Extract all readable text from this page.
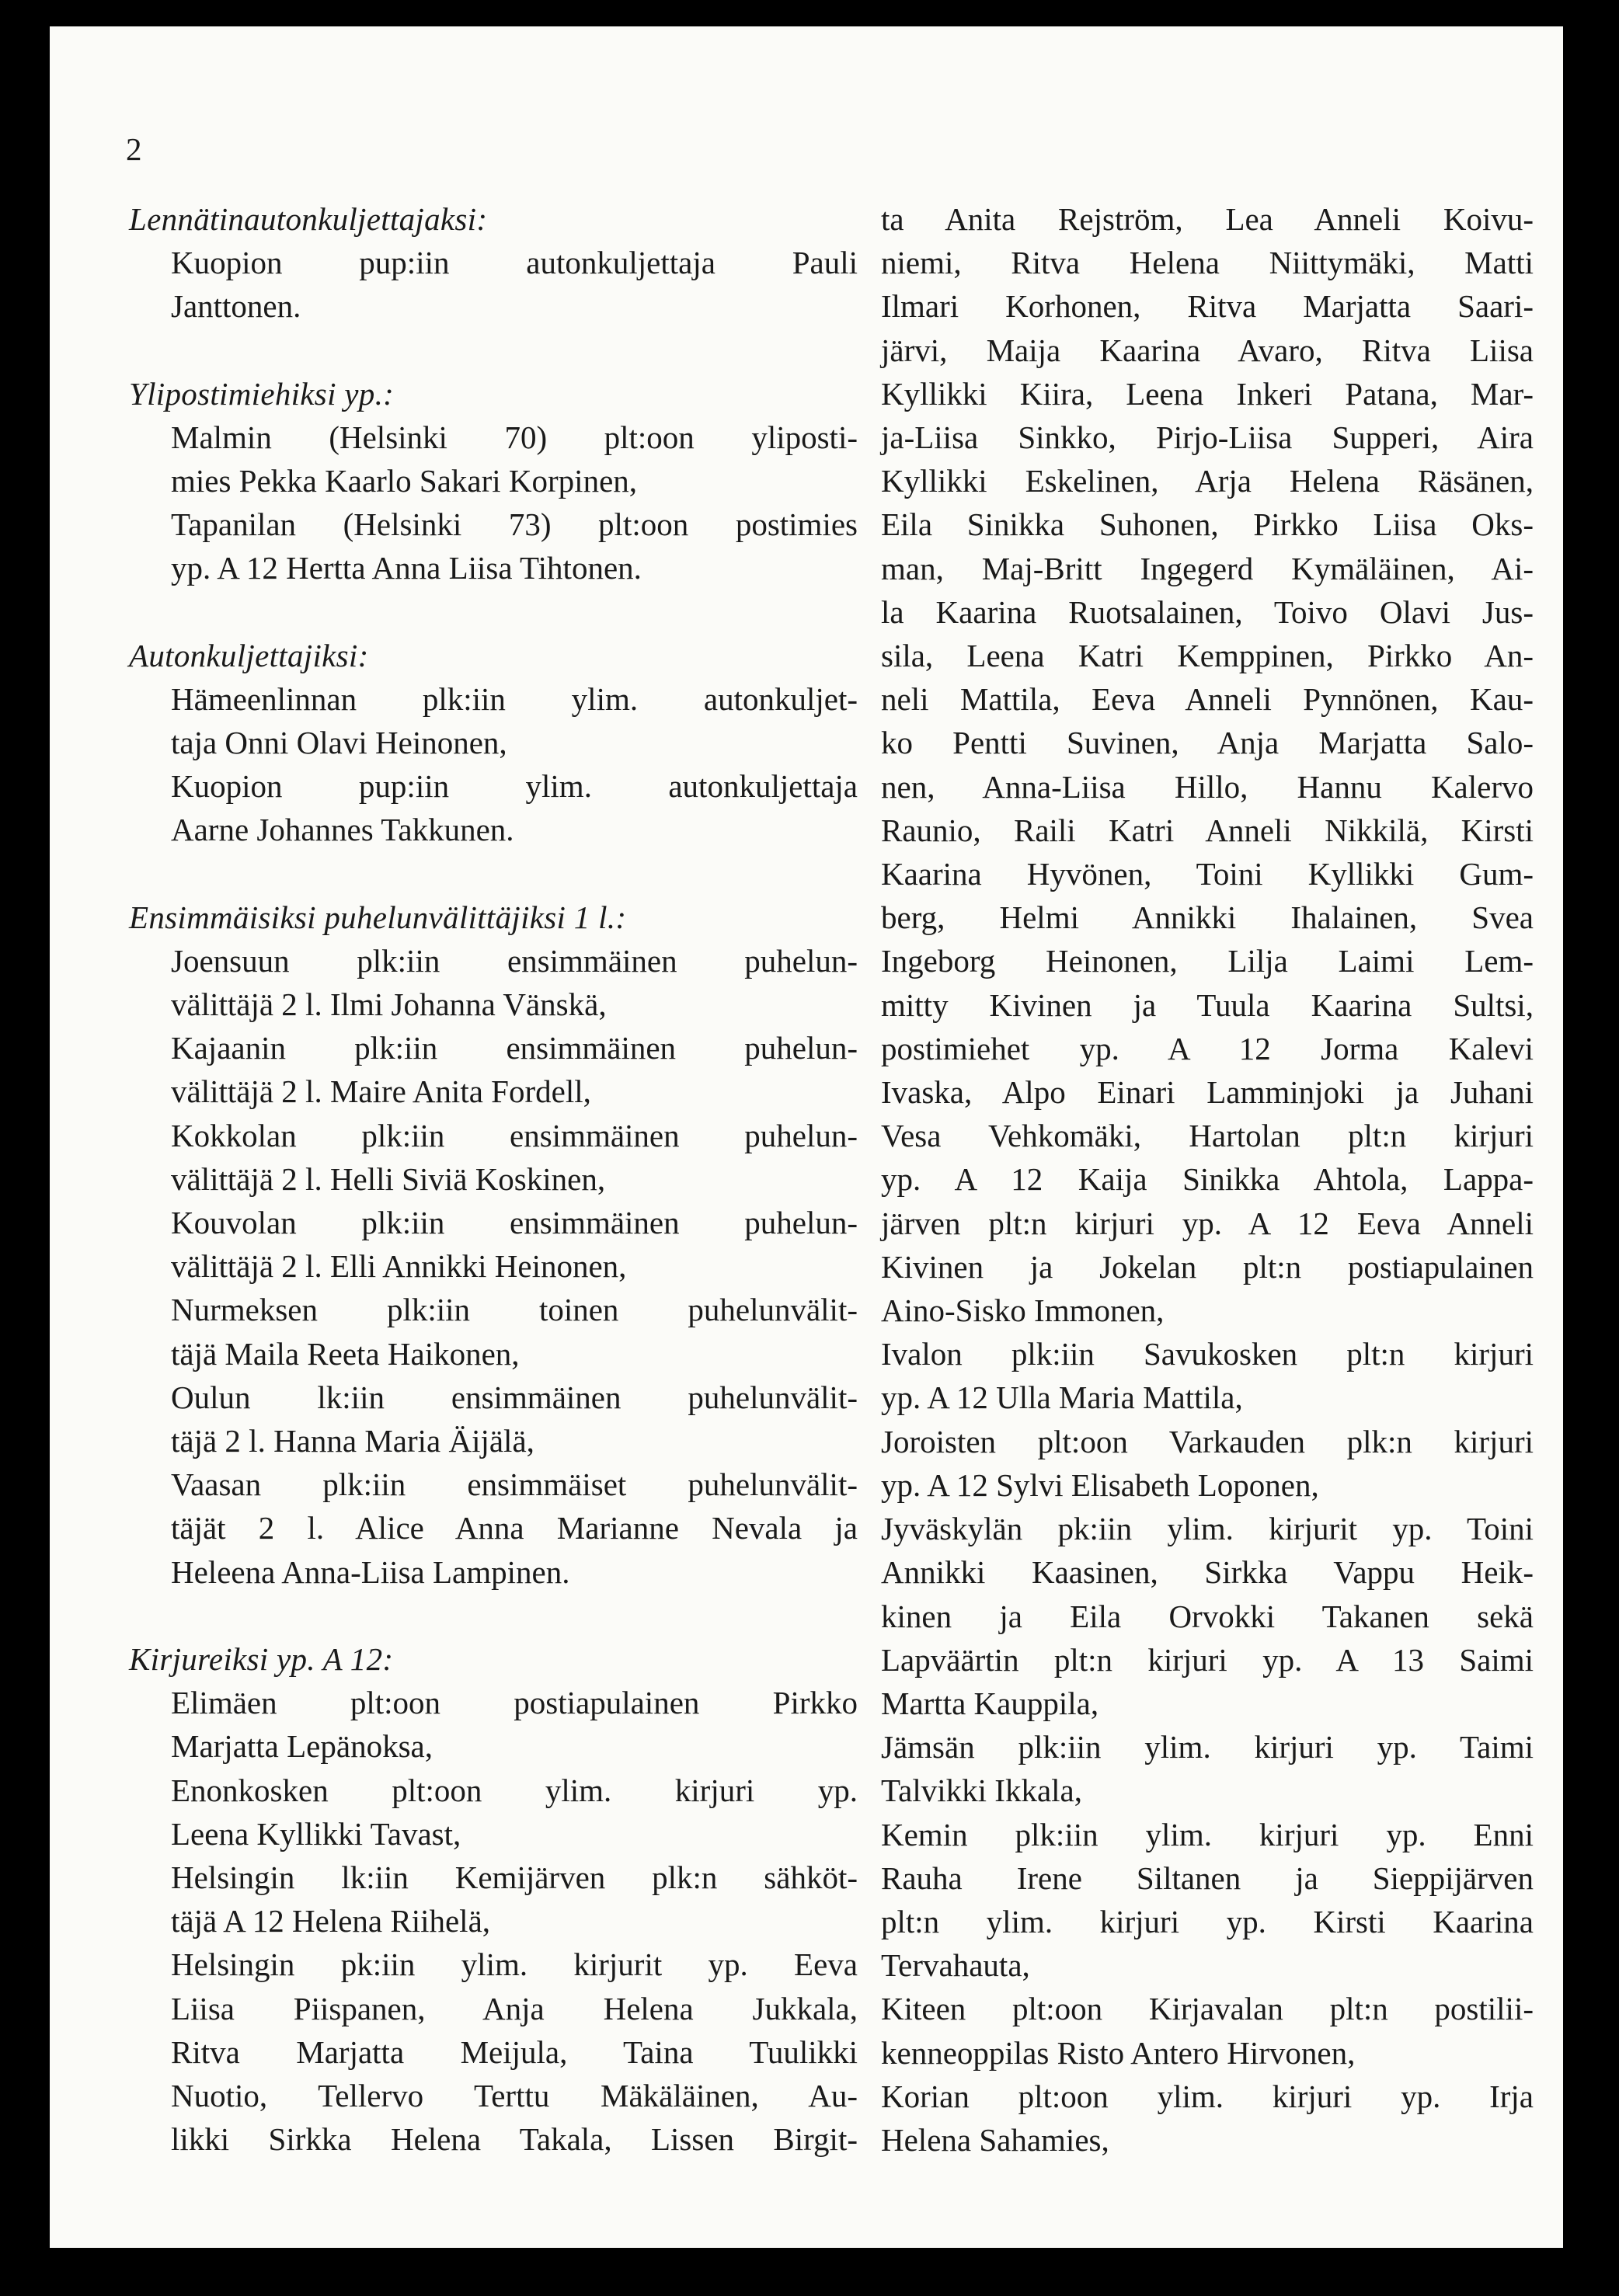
2
Lennätinautonkuljettajaksi:
Kuopion pup:iin autonkuljettaja Pauli
Janttonen.
Ylipostimiehiksi yp.:
Malmin (Helsinki 70) plt:oon yliposti-
mies Pekka Kaarlo Sakari Korpinen,
Tapanilan (Helsinki 73) plt:oon postimies
yp. A 12 Hertta Anna Liisa Tihtonen.
Autonkuljettajiksi:
Hämeenlinnan plk:iin ylim. autonkuljet-
taja Onni Olavi Heinonen,
Kuopion pup:iin ylim. autonkuljettaja
Aarne Johannes Takkunen.
Ensimmäisiksi puhelunvälittäjiksi 1 l.:
Joensuun plk:iin ensimmäinen puhelun-
välittäjä 2 l. Ilmi Johanna Vänskä,
Kajaanin plk:iin ensimmäinen puhelun-
välittäjä 2 l. Maire Anita Fordell,
Kokkolan plk:iin ensimmäinen puhelun-
välittäjä 2 l. Helli Siviä Koskinen,
Kouvolan plk:iin ensimmäinen puhelun-
välittäjä 2 l. Elli Annikki Heinonen,
Nurmeksen plk:iin toinen puhelunvälit-
täjä Maila Reeta Haikonen,
Oulun lk:iin ensimmäinen puhelunvälit-
täjä 2 l. Hanna Maria Äijälä,
Vaasan plk:iin ensimmäiset puhelunvälit-
täjät 2 l. Alice Anna Marianne Nevala ja
Heleena Anna-Liisa Lampinen.
Kirjureiksi yp. A 12:
Elimäen plt:oon postiapulainen Pirkko
Marjatta Lepänoksa,
Enonkosken plt:oon ylim. kirjuri yp.
Leena Kyllikki Tavast,
Helsingin lk:iin Kemijärven plk:n sähköt-
täjä A 12 Helena Riihelä,
Helsingin pk:iin ylim. kirjurit yp. Eeva
Liisa Piispanen, Anja Helena Jukkala,
Ritva Marjatta Meijula, Taina Tuulikki
Nuotio, Tellervo Terttu Mäkäläinen, Au-
likki Sirkka Helena Takala, Lissen Birgit-
ta Anita Rejström, Lea Anneli Koivu-
niemi, Ritva Helena Niittymäki, Matti
Ilmari Korhonen, Ritva Marjatta Saari-
järvi, Maija Kaarina Avaro, Ritva Liisa
Kyllikki Kiira, Leena Inkeri Patana, Mar-
ja-Liisa Sinkko, Pirjo-Liisa Supperi, Aira
Kyllikki Eskelinen, Arja Helena Räsänen,
Eila Sinikka Suhonen, Pirkko Liisa Oks-
man, Maj-Britt Ingegerd Kymäläinen, Ai-
la Kaarina Ruotsalainen, Toivo Olavi Jus-
sila, Leena Katri Kemppinen, Pirkko An-
neli Mattila, Eeva Anneli Pynnönen, Kau-
ko Pentti Suvinen, Anja Marjatta Salo-
nen, Anna-Liisa Hillo, Hannu Kalervo
Raunio, Raili Katri Anneli Nikkilä, Kirsti
Kaarina Hyvönen, Toini Kyllikki Gum-
berg, Helmi Annikki Ihalainen, Svea
Ingeborg Heinonen, Lilja Laimi Lem-
mitty Kivinen ja Tuula Kaarina Sultsi,
postimiehet yp. A 12 Jorma Kalevi
Ivaska, Alpo Einari Lamminjoki ja Juhani
Vesa Vehkomäki, Hartolan plt:n kirjuri
yp. A 12 Kaija Sinikka Ahtola, Lappa-
järven plt:n kirjuri yp. A 12 Eeva Anneli
Kivinen ja Jokelan plt:n postiapulainen
Aino-Sisko Immonen,
Ivalon plk:iin Savukosken plt:n kirjuri
yp. A 12 Ulla Maria Mattila,
Joroisten plt:oon Varkauden plk:n kirjuri
yp. A 12 Sylvi Elisabeth Loponen,
Jyväskylän pk:iin ylim. kirjurit yp. Toini
Annikki Kaasinen, Sirkka Vappu Heik-
kinen ja Eila Orvokki Takanen sekä
Lapväärtin plt:n kirjuri yp. A 13 Saimi
Martta Kauppila,
Jämsän plk:iin ylim. kirjuri yp. Taimi
Talvikki Ikkala,
Kemin plk:iin ylim. kirjuri yp. Enni
Rauha Irene Siltanen ja Sieppijärven
plt:n ylim. kirjuri yp. Kirsti Kaarina
Tervahauta,
Kiteen plt:oon Kirjavalan plt:n postilii-
kenneoppilas Risto Antero Hirvonen,
Korian plt:oon ylim. kirjuri yp. Irja
Helena Sahamies,
